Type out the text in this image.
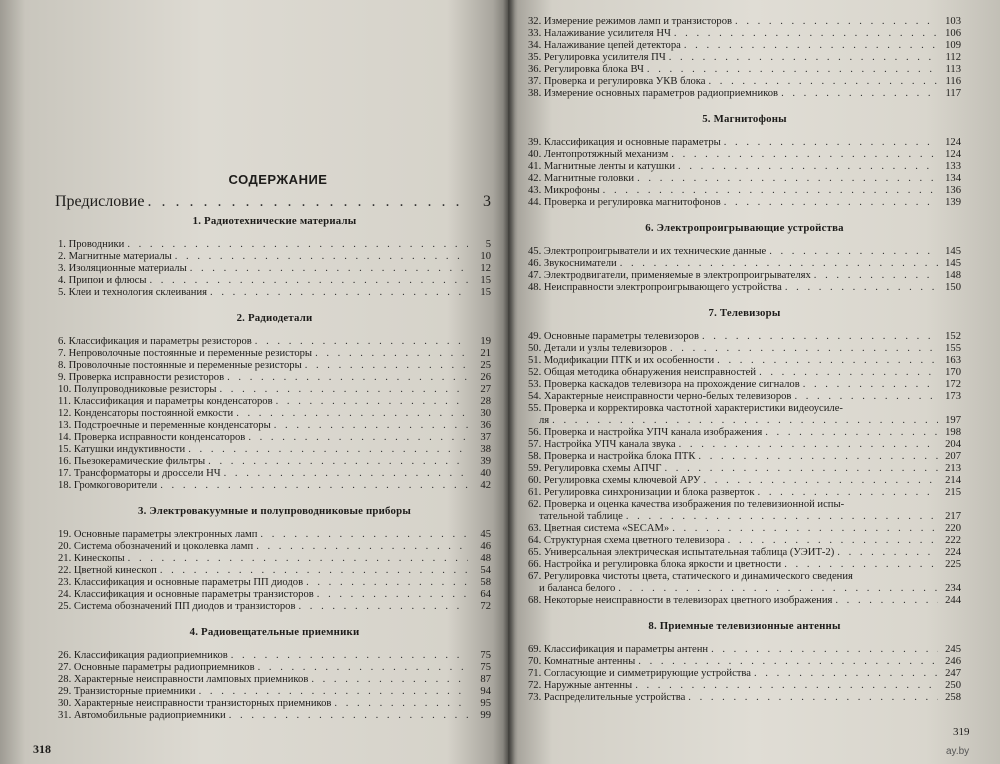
СОДЕРЖАНИЕ
Предисловие . . .	3
1. Радиотехнические материалы
1. Проводники . . .	5
2. Магнитные материалы . . .	10
3. Изоляционные материалы . . .	12
4. Припои и флюсы . . .	15
5. Клеи и технология склеивания . . .	15
2. Радиодетали
6. Классификация и параметры резисторов . . .	19
7. Непроволочные постоянные и переменные резисторы . . .	21
8. Проволочные постоянные и переменные резисторы . . .	25
9. Проверка исправности резисторов . . .	26
10. Полупроводниковые резисторы . . .	27
11. Классификация и параметры конденсаторов . . .	28
12. Конденсаторы постоянной емкости . . .	30
13. Подстроечные и переменные конденсаторы . . .	36
14. Проверка исправности конденсаторов . . .	37
15. Катушки индуктивности . . .	38
16. Пьезокерамические фильтры . . .	39
17. Трансформаторы и дроссели НЧ . . .	40
18. Громкоговорители . . .	42
3. Электровакуумные и полупроводниковые приборы
19. Основные параметры электронных ламп . . .	45
20. Система обозначений и цоколевка ламп . . .	46
21. Кинескопы . . .	48
22. Цветной кинескоп . . .	54
23. Классификация и основные параметры ПП диодов . . .	58
24. Классификация и основные параметры транзисторов . . .	64
25. Система обозначений ПП диодов и транзисторов . . .	72
4. Радиовещательные приемники
26. Классификация радиоприемников . . .	75
27. Основные параметры радиоприемников . . .	75
28. Характерные неисправности ламповых приемников . . .	87
29. Транзисторные приемники . . .	94
30. Характерные неисправности транзисторных приемников . . .	95
31. Автомобильные радиоприемники . . .	99
318
32. Измерение режимов ламп и транзисторов . . .	103
33. Налаживание усилителя НЧ . . .	106
34. Налаживание цепей детектора . . .	109
35. Регулировка усилителя ПЧ . . .	112
36. Регулировка блока ВЧ . . .	113
37. Проверка и регулировка УКВ блока . . .	116
38. Измерение основных параметров радиоприемников . . .	117
5. Магнитофоны
39. Классификация и основные параметры . . .	124
40. Лентопротяжный механизм . . .	124
41. Магнитные ленты и катушки . . .	133
42. Магнитные головки . . .	134
43. Микрофоны . . .	136
44. Проверка и регулировка магнитофонов . . .	139
6. Электропроигрывающие устройства
45. Электропроигрыватели и их технические данные . . .	145
46. Звукосниматели . . .	145
47. Электродвигатели, применяемые в электропроигрывателях . . .	148
48. Неисправности электропроигрывающего устройства . . .	150
7. Телевизоры
49. Основные параметры телевизоров . . .	152
50. Детали и узлы телевизоров . . .	155
51. Модификации ПТК и их особенности . . .	163
52. Общая методика обнаружения неисправностей . . .	170
53. Проверка каскадов телевизора на прохождение сигналов . . .	172
54. Характерные неисправности черно-белых телевизоров . . .	173
55. Проверка и корректировка частотной характеристики видеоусиле-
ля . . .	197
56. Проверка и настройка УПЧ канала изображения . . .	198
57. Настройка УПЧ канала звука . . .	204
58. Проверка и настройка блока ПТК . . .	207
59. Регулировка схемы АПЧГ . . .	213
60. Регулировка схемы ключевой АРУ . . .	214
61. Регулировка синхронизации и блока разверток . . .	215
62. Проверка и оценка качества изображения по телевизионной испы-
тательной таблице . . .	217
63. Цветная система «SECAM» . . .	220
64. Структурная схема цветного телевизора . . .	222
65. Универсальная электрическая испытательная таблица (УЭИТ-2) . . .	224
66. Настройка и регулировка блока яркости и цветности . . .	225
67. Регулировка чистоты цвета, статического и динамического сведения
и баланса белого . . .	234
68. Некоторые неисправности в телевизорах цветного изображения . . .	244
8. Приемные телевизионные антенны
69. Классификация и параметры антенн . . .	245
70. Комнатные антенны . . .	246
71. Согласующие и симметрирующие устройства . . .	247
72. Наружные антенны . . .	250
73. Распределительные устройства . . .	258
319
ay.by
